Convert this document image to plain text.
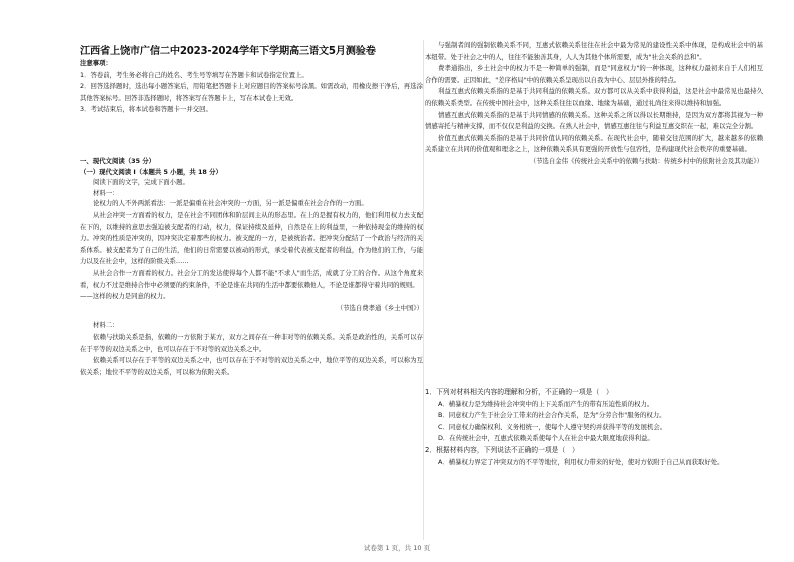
江西省上饶市广信二中2023-2024学年下学期高三语文5月测验卷

注意事项：

1．答卷前，考生务必将自己的姓名、考生号等填写在答题卡和试卷指定位置上。

2．回答选择题时，选出每小题答案后，用铅笔把答题卡上对应题目的答案标号涂黑。如需改动，用橡皮擦干净后，再选涂其他答案标号。回答非选择题时，将答案写在答题卡上，写在本试卷上无效。

3．考试结束后，将本试卷和答题卡一并交回。

一、现代文阅读（35 分）

（一）现代文阅读 I（本题共 5 小题，共 18 分）

阅读下面的文字，完成下面小题。

材料一：

论权力的人不外两派看法：一派是偏重在社会冲突的一方面，另一派是偏重在社会合作的一方面。

从社会冲突一方面看的权力，是在社会不同团体和阶层间主从的形态里。在上的是握有权力的，他们利用权力去支配在下的，以维持的意思去强迫被支配者的行动，权力，保证持续及延伸，自然是在上的利益里，一种依持现金的维持的权力。冲突的性质是冲突的，因冲突决定着那些的权力。被支配的一方，是被统治者。把冲突分配结了一个政治与经济的关系体系。被支配者为了自己的生活，他们的日常需要以被动的形式，承受着代表被支配者的利益，作为他们的工作，与能力以及在社会中，这样的阶级关系……

从社会合作一方面看的权力。社会分工的发达使得每个人都不能"不求人"而生活，成就了分工的合作。从这个角度来看，权力不过是维持合作中必须要的约束条件，不论是谁在共同的生活中都要依赖他人，不论是谁都得守着共同的规则。

——这样的权力是同意的权力。

（节选自费孝通《乡土中国》）

材料二：

依赖与扶助关系是指，依赖的一方依附于某方，双方之间存在一种非对等的依赖关系。关系是政治性的，关系可以存在于平等的双边关系之中，也可以存在于不对等的双边关系之中。

依赖关系可以存在于平等的双边关系之中，也可以存在于不对等的双边关系之中，地位平等的双边关系，可以称为互依关系；地位不平等的双边关系，可以称为依附关系。

与强制者间的强制依赖关系不同，互惠式依赖关系往往在社会中最为常见的建设性关系中体现，是构成社会中的基本纽带。处于社会之中的人，往往不能独善其身，人人为其他个体所需要，成为"社会关系的总和"。

费孝通指出，乡土社会中的权力不是一种简单的强制，而是"同意权力"的一种体现，这种权力最初来自于人们相互合作的需要。正因如此，"差序格局"中的依赖关系呈现出以自我为中心、层层外推的特点。

利益互惠式依赖关系指的是基于共同利益的依赖关系。双方都可以从关系中获得利益，这是社会中最常见也最持久的依赖关系类型。在传统中国社会中，这种关系往往以血缘、地缘为基础，通过礼尚往来得以维持和加强。

情感互惠式依赖关系指的是基于共同情感的依赖关系。这种关系之所以得以长期维持，是因为双方都将其视为一种情感寄托与精神支撑，而不仅仅是利益的交换。在熟人社会中，情感互惠往往与利益互惠交织在一起，难以完全分割。

价值互惠式依赖关系指的是基于共同价值认同的依赖关系。在现代社会中，随着交往范围的扩大，越来越多的依赖关系建立在共同的价值观和理念之上，这种依赖关系具有更强的开放性与包容性，是构建现代社会秩序的重要基础。

（节选自金伟《传统社会关系中的依赖与扶助：传统乡村中的依附社会及其功能》）

1．下列对材料相关内容的理解和分析，不正确的一项是（　）

A．横暴权力是为维持社会冲突中的上下关系而产生的带有压迫性质的权力。

B．同意权力产生于社会分工带来的社会合作关系，是为"分劳合作"服务的权力。

C．同意权力确保权利、义务相统一，使每个人遵守契约并获得平等的发展机会。

D．在传统社会中，互惠式依赖关系使每个人在社会中最大限度地获得利益。

2．根据材料内容，下列说法不正确的一项是（　）

A．横暴权力界定了冲突双方的不平等地位，利用权力带来的好处，使对方依附于自己从而获取好处。

试卷第 1 页，共 10 页
